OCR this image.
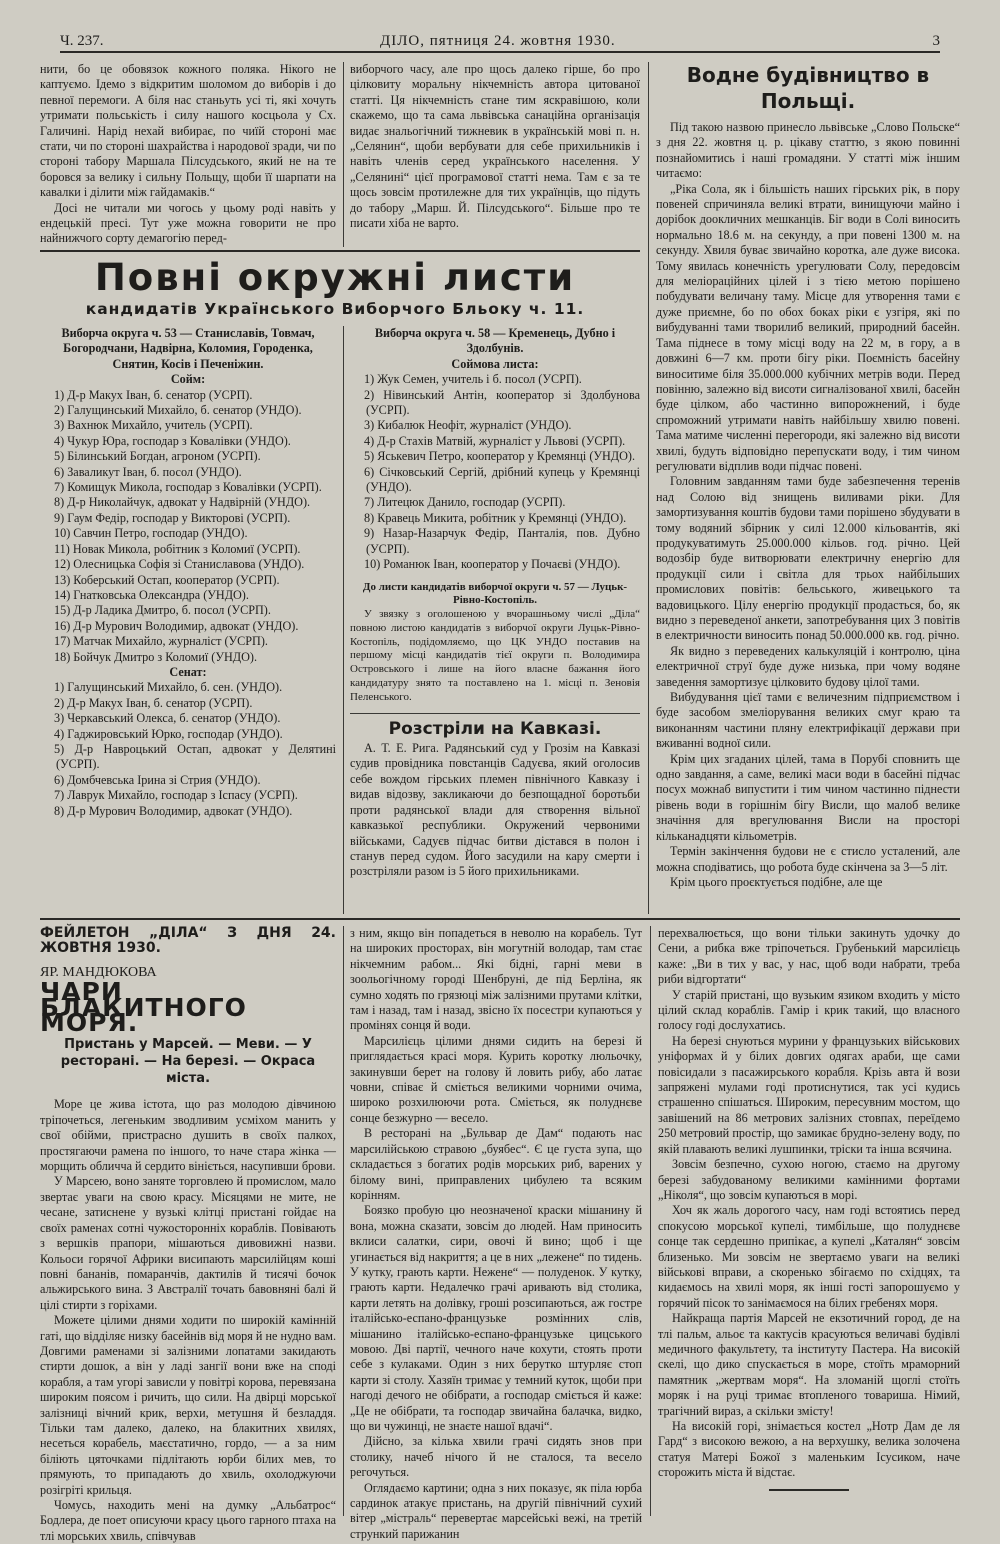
Ч. 237.	ДІЛО, пятниця 24. жовтня 1930.	3

нити, бо це обовязок кожного поляка. Нікого не каптуємо. Ідемо з відкритим шоломом до виборів і до певної перемоги. А біля нас станьуть усі ті, які хочуть утримати польськість і силу нашого косцьола у Сх. Галичині. Нарід нехай вибирає, по чиїй стороні має стати, чи по стороні шахрайства і народової зради, чи по стороні табору Маршала Пілсудського, який не на те боровся за велику і сильну Польщу, щоби її шарпати на кавалки і ділити між гайдамаків.“

Досі не читали ми чогось у цьому роді навіть у ендецькій пресі. Тут уже можна говорити не про найнижчого сорту демагогію перед-

виборчого часу, але про щось далеко гірше, бо про цілковиту моральну нікчемність автора цитованої статті. Ця нікчемність стане тим яскравішою, коли скажемо, що та сама львівська санаційна організація видає знальогічний тижневик в українській мові п. н. „Селянин“, щоби вербувати для себе прихильників і навіть членів серед українського населення. У „Селянині“ цієї програмової статті нема. Там є за те щось зовсім протилежне для тих українців, що підуть до табору „Марш. Й. Пілсудського“. Більше про те писати хіба не варто.

Водне будівництво в Польщі.

Під такою назвою принесло львівське „Слово Польске“ з дня 22. жовтня ц. р. цікаву статтю, з якою повинні познайомитись і наші громадяни. У статті між іншим читаємо:

„Ріка Сола, як і більшість наших гірських рік, в пору повеней спричиняла великі втрати, винищуючи майно і дорібок доокличних мешканців. Біг води в Солі виносить нормально 18.6 м. на секунду, а при повені 1300 м. на секунду. Хвиля буває звичайно коротка, але дуже висока. Тому явилась конечність урегулювати Солу, передовсім для меліораційних цілей і з тією метою порішено побудувати величану таму. Місце для утворення тами є дуже приємне, бо по обох боках ріки є узгіря, які по вибудуванні тами творилиб великий, природний басейн. Тама піднесе в тому місці воду на 22 м, в гору, а в довжині 6—7 км. проти бігу ріки. Поємність басейну виноситиме біля 35.000.000 кубічних метрів води. Перед повінню, залежно від висоти сигналізованої хвилі, басейн буде цілком, або частинно випорожнений, і буде спроможний утримати навіть найбільшу хвилю повені. Тама матиме численні перегороди, які залежно від висоти хвилі, будуть відповідно перепускати воду, і тим чином регулювати відплив води підчас повені.

Головним завданням тами буде забезпечення теренів над Солою від знищень виливами ріки. Для замортизування коштів будови тами порішено збудувати в тому водяний збірник у силі 12.000 кільовантів, які продукуватимуть 25.000.000 кільов. год. річно. Цей водозбір буде витворювати електричну енергію для продукції сили і світла для трьох найбільших промислових повітів: бельського, живецького та вадовицького. Цілу енергію продукції продасться, бо, як видно з переведеної анкети, запотребування цих 3 повітів в електричности виносить понад 50.000.000 кв. год. річно.

Як видно з переведених калькуляцій і контролю, ціна електричної струї буде дуже низька, при чому водяне заведення замортизує цілковито будову цілої тами.

Вибудування цієї тами є величезним підприємством і буде засобом змеліорування великих смуг краю та виконанням частини пляну електрифікації держави при вживанні водної сили.

Крім цих згаданих цілей, тама в Порубі сповнить ще одно завдання, а саме, великі маси води в басейні підчас посух можнаб випустити і тим чином частинно піднести рівень води в горішнім бігу Висли, що малоб велике значіння для врегулювання Висли на просторі кільканадцяти кільометрів.

Термін закінчення будови не є стисло усталений, але можна сподіватись, що робота буде скінчена за 3—5 літ.

Крім цього проєктується подібне, але ще

Повні окружні листи
кандидатів Українського Виборчого Бльоку ч. 11.
Виборча округа ч. 53 — Станиславів, Товмач, Богородчани, Надвірна, Коломия, Городенка, Снятин, Косів і Печеніжин.
Сойм:
1) Д-р Макух Іван, б. сенатор (УСРП).
2) Галущинський Михайло, б. сенатор (УНДО).
3) Вахнюк Михайло, учитель (УСРП).
4) Чукур Юра, господар з Ковалівки (УНДО).
5) Білинський Богдан, агроном (УСРП).
6) Заваликут Іван, б. посол (УНДО).
7) Комищук Микола, господар з Ковалівки (УСРП).
8) Д-р Николайчук, адвокат у Надвірній (УНДО).
9) Гаум Федір, господар у Викторові (УСРП).
10) Савчин Петро, господар (УНДО).
11) Новак Микола, робітник з Коломиї (УСРП).
12) Олесницька Софія зі Станиславова (УНДО).
13) Коберський Остап, кооператор (УСРП).
14) Гнатковська Олександра (УНДО).
15) Д-р Ладика Дмитро, б. посол (УСРП).
16) Д-р Мурович Володимир, адвокат (УНДО).
17) Матчак Михайло, журналіст (УСРП).
18) Бойчук Дмитро з Коломиї (УНДО).
Сенат:
1) Галущинський Михайло, б. сен. (УНДО).
2) Д-р Макух Іван, б. сенатор (УСРП).
3) Черкавський Олекса, б. сенатор (УНДО).
4) Гаджировський Юрко, господар (УНДО).
5) Д-р Навроцький Остап, адвокат у Делятині (УСРП).
6) Домбчевська Ірина зі Стрия (УНДО).
7) Лаврук Михайло, господар з Іспасу (УСРП).
8) Д-р Мурович Володимир, адвокат (УНДО).
Виборча округа ч. 58 — Кременець, Дубно і Здолбунів.
Соймова листа:
1) Жук Семен, учитель і б. посол (УСРП).
2) Нівинський Антін, кооператор зі Здолбунова (УСРП).
3) Кибалюк Неофіт, журналіст (УНДО).
4) Д-р Стахів Матвій, журналіст у Львові (УСРП).
5) Яськевич Петро, кооператор у Кремянці (УНДО).
6) Січковський Сергій, дрібний купець у Кремянці (УНДО).
7) Литецюк Данило, господар (УСРП).
8) Кравець Микита, робітник у Кремянці (УНДО).
9) Назар-Назарчук Федір, Панталія, пов. Дубно (УСРП).
10) Романюк Іван, кооператор у Почаєві (УНДО).
До листи кандидатів виборчої округи ч. 57 — Луцьк-Рівно-Костопіль.

У звязку з оголошеною у вчорашньому числі „Діла“ повною листою кандидатів з виборчої округи Луцьк-Рівно-Костопіль, подідомляємо, що ЦК УНДО поставив на першому місці кандидатів тієї округи п. Володимира Островського і лише на його власне бажання його кандидатуру знято та поставлено на 1. місці п. Зеновія Пеленського.

Розстріли на Кавказі.

А. Т. Е. Рига. Радянський суд у Грозім на Кавказі судив провідника повстанців Садуєва, який оголосив себе вождом гірських племен північного Кавказу і видав відозву, закликаючи до безпощадної боротьби проти радянської влади для створення вільної кавказької республики. Окружений червоними військами, Садуєв підчас битви дістався в полон і станув перед судом. Його засудили на кару смерти і розстріляли разом із 5 його прихильниками.

ФЕЙЛЕТОН „ДІЛА“ З ДНЯ 24. ЖОВТНЯ 1930.
ЯР. МАНДЮКОВА
ЧАРИ БЛАКИТНОГО МОРЯ.
Пристань у Марсей. — Меви. — У ресторані. — На березі. — Окраса міста.

Море це жива істота, що раз молодою дівчиною тріпочеться, легеньким зводливим усміхом манить у свої обійми, пристрасно душить в своїх палкох, простягаючи рамена по іншого, то наче стара жінка — морщить обличча й сердито вініється, насупивши брови.

У Марсею, воно занятe торговлею й промислом, мало звертає уваги на свою красу. Місяцями не мите, не чесане, затиснене у вузькі клітці пристані гойдає на своїх раменах сотні чужосторонніх кораблів. Повівають з вершків прапори, мішаються дивовижні назви. Кольоси горячої Африки висипають марсилійцям коші повні бананів, помаранчів, дактилів й тисячі бочок альжирського вина. З Австралії точать бавовняні балі й цілі стирти з горіхами.

Можете цілими днями ходити по широкій камінній гаті, що відділяє низку басейнів від моря й не нудно вам. Довгими раменами зі залізними лопатами закидають стирти дошок, а він у ладі зангії вони вже на споді корабля, а там угорі зависли у повітрі корова, перевязана широким поясом і ричить, що сили. На двірці морської залізниці вічний крик, верхи, метушня й безладдя. Тільки там далеко, далеко, на блакитних хвилях, несеться корабель, маєстатично, гордо, — а за ним біліють цяточками підлітають юрби білих мев, то прямують, то припадають до хвиль, охолоджуючи розігріті крильця.

Чомусь, находить мені на думку „Альбатрос“ Бодлера, де поет описуючи красу цього гарного птаха на тлі морських хвиль, співчував

з ним, якщо він попадеться в неволю на корабель. Тут на широких просторах, він могутній володар, там стає нікчемним рабом... Які бідні, гарні меви в зоольогічному городі Шенбруні, де під Берліна, як сумно ходять по грязюці між залізними прутами клітки, там і назад, там і назад, звісно їх посестри купаються у промінях сонця й води.

Марсилієць цілими днями сидить на березі й приглядається красі моря. Курить коротку люльочку, закинувши берет на голову й ловить рибу, або латає човни, співає й сміється великими чорними очима, широко розхилюючи рота. Сміється, як полуднєве сонце безжурно — весело.

В ресторані на „Бульвар де Дам“ подають нас марсилійською стравою „буябес“. Є це густа зупа, що складається з богатих родів морських риб, варених у білому вині, приправлених цибулею та всяким корінням.

Боязко пробую цю неозначеної краски мішанину й вона, можна сказати, зовсім до людей. Нам приносить вклиси салатки, сири, овочі й вино; щоб і ще угинається від накриття; а це в них „лежене“ по тидень. У кутку, грають карти. Нежене“ — полуденок. У кутку, грають карти. Недалечко грачі аривають від столика, карти летять на долівку, гроші розсипаються, аж гостре італійсько-еспано-французьке розмінних слів, мішанино італійсько-еспано-французьке цицського мовою. Дві партії, чечного наче кохути, стоять проти себе з кулаками. Один з них берутко штурляє стоп карти зі столу. Хазяїн тримає у темний куток, щоби при нагоді дечого не обібрати, а господар сміється й каже: „Це не обібрати, та господар звичайна балачка, видко, що ви чужинці, не знаєте нашої вдачі“.

Дійсно, за кілька хвили грачі сидять знов при столику, начеб нічого й не сталося, та весело регочуться.

Оглядаємо картини; одна з них показує, як піла юрба сардинок атакує пристань, на другій північний сухий вітер „містраль“ перевертає марсейські вежі, на третій стрункий парижанин

перехвалюється, що вони тільки закинуть удочку до Сени, а рибка вже тріпочеться. Грубенький марсилієць каже: „Ви в тих у вас, у нас, щоб води набрати, треба риби відгортати“

У старій пристані, що вузьким язиком входить у місто цілий склад кораблів. Гамір і крик такий, що власного голосу годі дослухатись.

На березі снуються мурини у французьких військових уніформах й у білих довгих одягах араби, ще сами повісидали з пасажирського корабля. Крізь авта й вози запряжені мулами годі протиснутися, так усі кудись страшенно спішаться. Широким, пересувним мостом, що завішений на 86 метрових залізних стовпах, переїдемо 250 метровий простір, що замикає брудно-зелену воду, по якій плавають великі лушпинки, тріски та інша всячина.

Зовсім безпечно, сухою ногою, стаємо на другому березі забудованому великими камінними фортами „Ніколя“, що зовсім купаються в морі.

Хоч як жаль дорогого часу, нам годі встоятись перед спокусою морської купелі, тимбільше, що полуднєве сонце так сердешно припікає, а купелі „Каталян“ зовсім близенько. Ми зовсім не звертаємо уваги на великі військові вправи, а скоренько збігаємо по східцях, та кидаємось на хвилі моря, як інші гості запорошуємо у горячий пісок то занімаємося на білих гребенях моря.

Найкраща партія Марсей не екзотичний город, де на тлі пальм, альоє та кактусів красуються величаві будівлі медичного факультету, та інституту Пастера. На високій скелі, що дико спускається в море, стоїть мраморний памятник „жертвам моря“. На зломаній щоглі стоїть моряк і на руці тримає втопленого товариша. Німий, трагічний вираз, а скільки змісту!

На високій горі, знімається костел „Нотр Дам де ля Гард“ з високою вежою, а на верхушку, велика золочена статуя Матері Божої з маленьким Ісусиком, наче сторожить міста й відстає.
